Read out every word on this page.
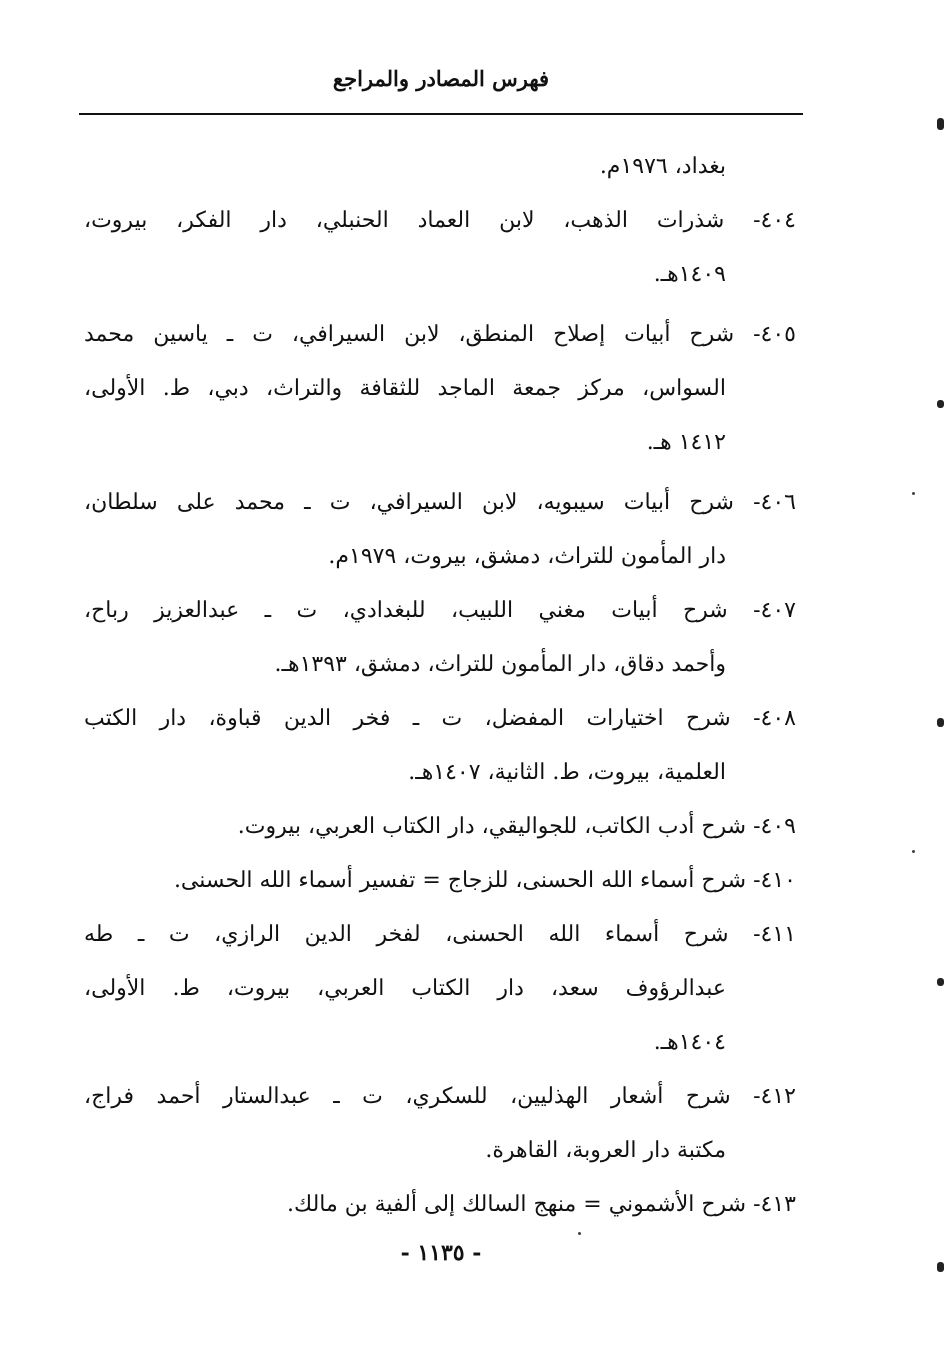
فهرس المصادر والمراجع
بغداد، ١٩٧٦م.
٤٠٤- شذرات الذهب، لابن العماد الحنبلي، دار الفكر، بيروت،
١٤٠٩هـ.
٤٠٥- شرح أبيات إصلاح المنطق، لابن السيرافي، ت ـ ياسين محمد
السواس، مركز جمعة الماجد للثقافة والتراث، دبي، ط. الأولى،
١٤١٢ هـ.
٤٠٦- شرح أبيات سيبويه، لابن السيرافي، ت ـ محمد على سلطان،
دار المأمون للتراث، دمشق، بيروت، ١٩٧٩م.
٤٠٧- شرح أبيات مغني اللبيب، للبغدادي، ت ـ عبدالعزيز رباح،
وأحمد دقاق، دار المأمون للتراث، دمشق، ١٣٩٣هـ.
٤٠٨- شرح اختيارات المفضل، ت ـ فخر الدين قباوة، دار الكتب
العلمية، بيروت، ط. الثانية، ١٤٠٧هـ.
٤٠٩- شرح أدب الكاتب، للجواليقي، دار الكتاب العربي، بيروت.
٤١٠- شرح أسماء الله الحسنى، للزجاج = تفسير أسماء الله الحسنى.
٤١١- شرح أسماء الله الحسنى، لفخر الدين الرازي، ت ـ طه
عبدالرؤوف سعد، دار الكتاب العربي، بيروت، ط. الأولى،
١٤٠٤هـ.
٤١٢- شرح أشعار الهذليين، للسكري، ت ـ عبدالستار أحمد فراج،
مكتبة دار العروبة، القاهرة.
٤١٣- شرح الأشموني = منهج السالك إلى ألفية بن مالك.
- ١١٣٥ -
